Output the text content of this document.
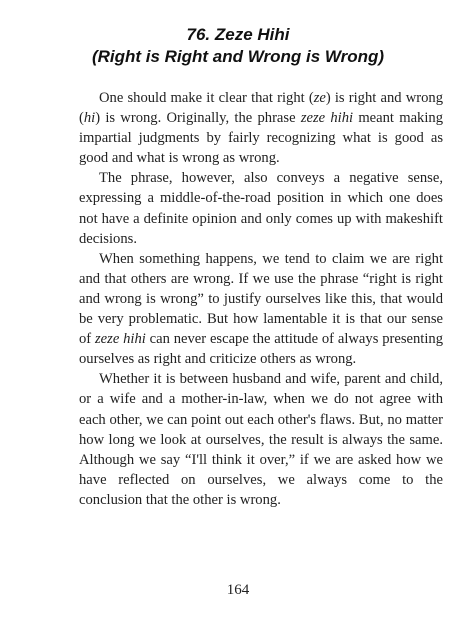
76. Zeze Hihi
(Right is Right and Wrong is Wrong)

One should make it clear that right (ze) is right and wrong (hi) is wrong. Originally, the phrase zeze hihi meant making impartial judgments by fairly recognizing what is good as good and what is wrong as wrong.

The phrase, however, also conveys a negative sense, expressing a middle-of-the-road position in which one does not have a definite opinion and only comes up with makeshift decisions.

When something happens, we tend to claim we are right and that others are wrong. If we use the phrase “right is right and wrong is wrong” to justify ourselves like this, that would be very problematic. But how lamentable it is that our sense of zeze hihi can never escape the attitude of always presenting ourselves as right and criticize others as wrong.

Whether it is between husband and wife, parent and child, or a wife and a mother-in-law, when we do not agree with each other, we can point out each other's flaws. But, no matter how long we look at ourselves, the result is always the same. Although we say “I'll think it over,” if we are asked how we have reflected on ourselves, we always come to the conclusion that the other is wrong.

164
